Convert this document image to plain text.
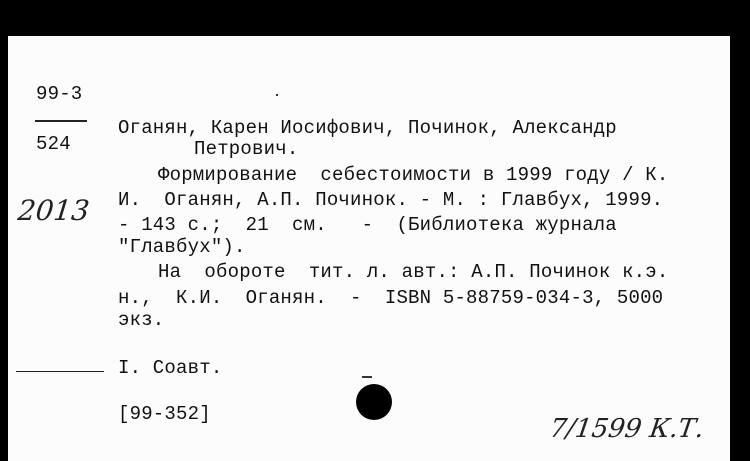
99-3
524
2013
Оганян, Карен Иосифович, Починок, Александр
Петрович.
Формирование  себестоимости в 1999 году / К.
И.  Оганян, А.П. Починок. - М. : Главбух, 1999.
- 143 с.;  21  см.   -  (Библиотека журнала
"Главбух").
На  обороте  тит. л. авт.: А.П. Починок к.э.
н.,  К.И.  Оганян.  -  ISBN 5-88759-034-3, 5000
экз.
I. Соавт.
[99-352]	7/1599 К.Т.
